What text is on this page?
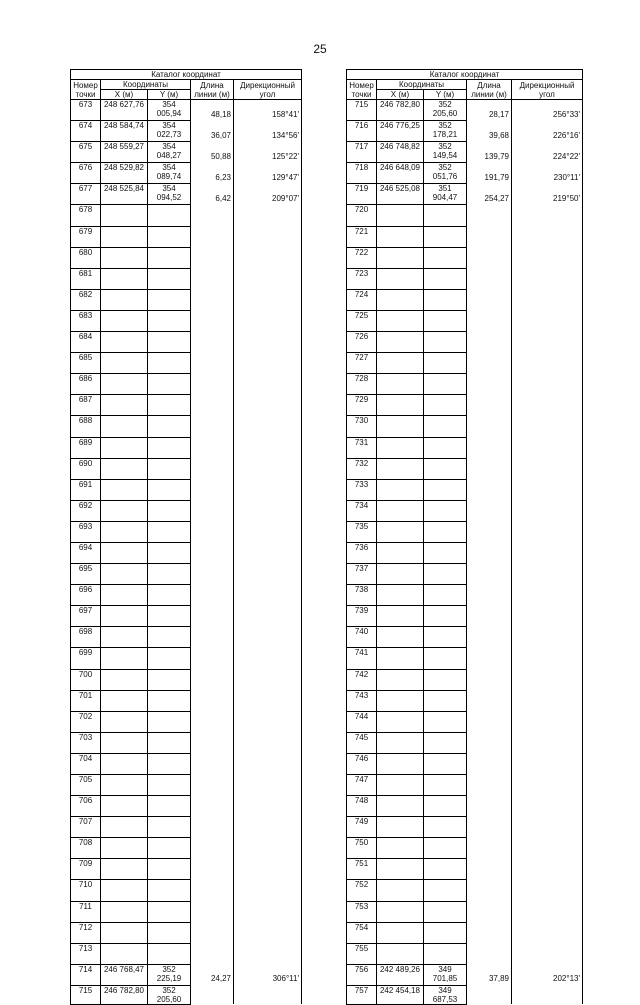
25
Каталог координат				
Номер точки	Координаты		Длина линии (м)	Дирекционный угол
	X (м)	Y (м)		
673	248 627,76	354 005,94	48,18	158°41'
674	248 584,74	354 022,73	36,07	134°56'
675	248 559,27	354 048,27	50,88	125°22'
676	248 529,82	354 089,74	6,23	129°47'
677	248 525,84	354 094,52	6,42	209°07'
678				
679				
680				
681				
682				
683				
684				
685				
686				
687				
688				
689				
690				
691				
692				
693				
694				
695				
696				
697				
698				
699				
700				
701				
702				
703				
704				
705				
706				
707				
708				
709				
710				
711				
712				
713				
714	246 768,47	352 225,19	24,27	306°11'
715	246 782,80	352 205,60		
Каталог координат				
Номер точки	Координаты		Длина линии (м)	Дирекционный угол
	X (м)	Y (м)		
715	246 782,80	352 205,60	28,17	256°33'
716	246 776,25	352 178,21	39,68	226°16'
717	246 748,82	352 149,54	139,79	224°22'
718	246 648,09	352 051,76	191,79	230°11'
719	246 525,08	351 904,47	254,27	219°50'
720				
721				
722				
723				
724				
725				
726				
727				
728				
729				
730				
731				
732				
733				
734				
735				
736				
737				
738				
739				
740				
741				
742				
743				
744				
745				
746				
747				
748				
749				
750				
751				
752				
753				
754				
755				
756	242 489,26	349 701,85	37,89	202°13'
757	242 454,18	349 687,53		
